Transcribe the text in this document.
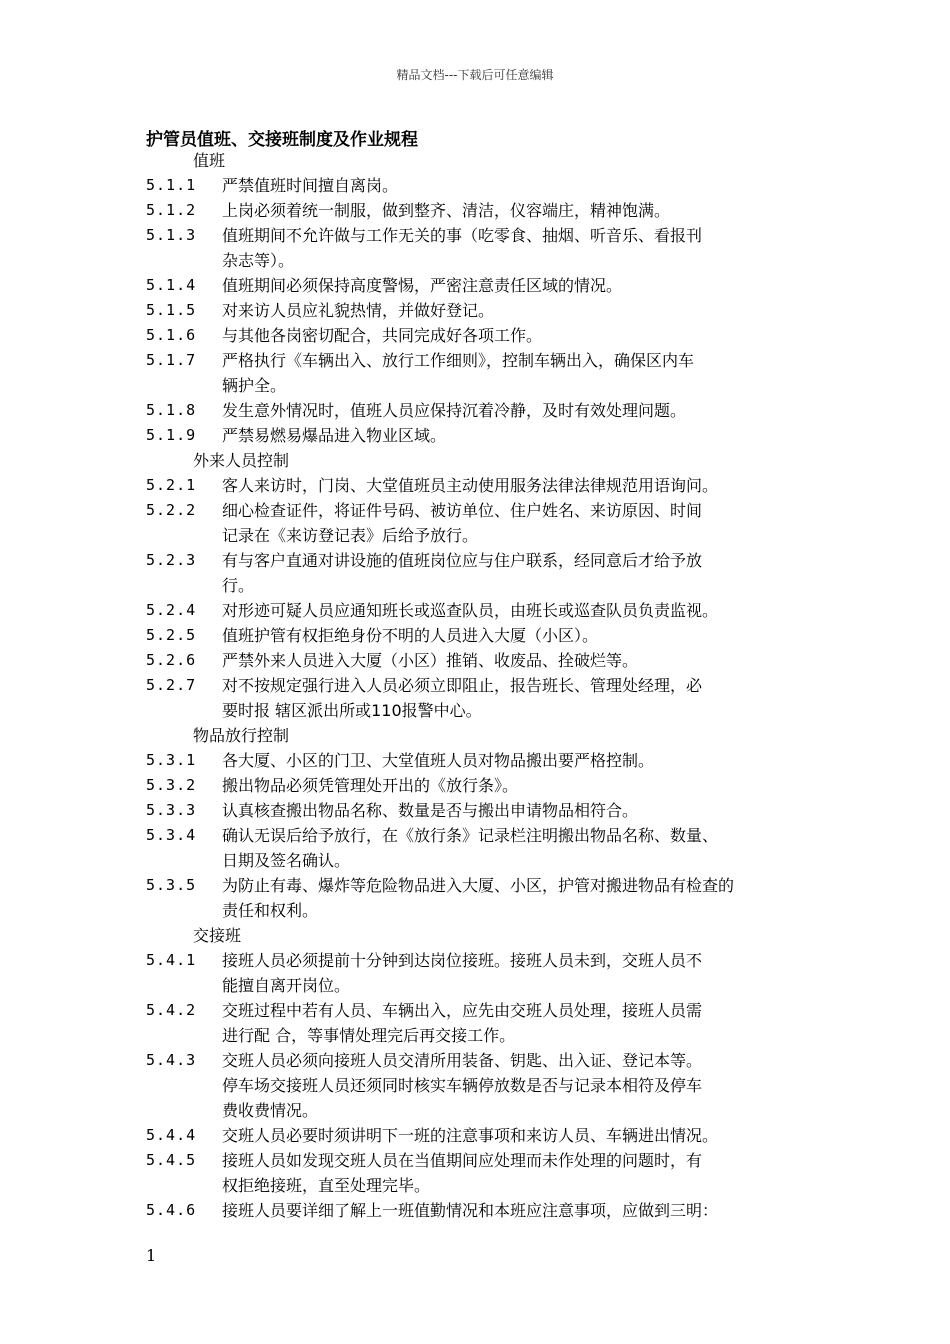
精品文档---下载后可任意编辑
护管员值班、交接班制度及作业规程
值班
5.1.1	严禁值班时间擅自离岗。
5.1.2	上岗必须着统一制服，做到整齐、清洁，仪容端庄，精神饱满。
5.1.3	值班期间不允许做与工作无关的事（吃零食、抽烟、听音乐、看报刊
杂志等）。
5.1.4	值班期间必须保持高度警惕，严密注意责任区域的情况。
5.1.5	对来访人员应礼貌热情，并做好登记。
5.1.6	与其他各岗密切配合，共同完成好各项工作。
5.1.7	严格执行《车辆出入、放行工作细则》，控制车辆出入，确保区内车
辆护全。
5.1.8	发生意外情况时，值班人员应保持沉着冷静，及时有效处理问题。
5.1.9	严禁易燃易爆品进入物业区域。
外来人员控制
5.2.1	客人来访时，门岗、大堂值班员主动使用服务法律法律规范用语询问。
5.2.2	细心检查证件，将证件号码、被访单位、住户姓名、来访原因、时间
记录在《来访登记表》后给予放行。
5.2.3	有与客户直通对讲设施的值班岗位应与住户联系，经同意后才给予放
行。
5.2.4	对形迹可疑人员应通知班长或巡查队员，由班长或巡查队员负责监视。
5.2.5	值班护管有权拒绝身份不明的人员进入大厦（小区）。
5.2.6	严禁外来人员进入大厦（小区）推销、收废品、拴破烂等。
5.2.7	对不按规定强行进入人员必须立即阻止，报告班长、管理处经理，必
要时报 辖区派出所或110报警中心。
物品放行控制
5.3.1	各大厦、小区的门卫、大堂值班人员对物品搬出要严格控制。
5.3.2	搬出物品必须凭管理处开出的《放行条》。
5.3.3	认真核查搬出物品名称、数量是否与搬出申请物品相符合。
5.3.4	确认无误后给予放行，在《放行条》记录栏注明搬出物品名称、数量、
日期及签名确认。
5.3.5	为防止有毒、爆炸等危险物品进入大厦、小区，护管对搬进物品有检查的
责任和权利。
交接班
5.4.1	接班人员必须提前十分钟到达岗位接班。接班人员未到，交班人员不
能擅自离开岗位。
5.4.2	交班过程中若有人员、车辆出入，应先由交班人员处理，接班人员需
进行配 合，等事情处理完后再交接工作。
5.4.3	交班人员必须向接班人员交清所用装备、钥匙、出入证、登记本等。
停车场交接班人员还须同时核实车辆停放数是否与记录本相符及停车
费收费情况。
5.4.4	交班人员必要时须讲明下一班的注意事项和来访人员、车辆进出情况。
5.4.5	接班人员如发现交班人员在当值期间应处理而未作处理的问题时，有
权拒绝接班，直至处理完毕。
5.4.6	接班人员要详细了解上一班值勤情况和本班应注意事项，应做到三明：
1
